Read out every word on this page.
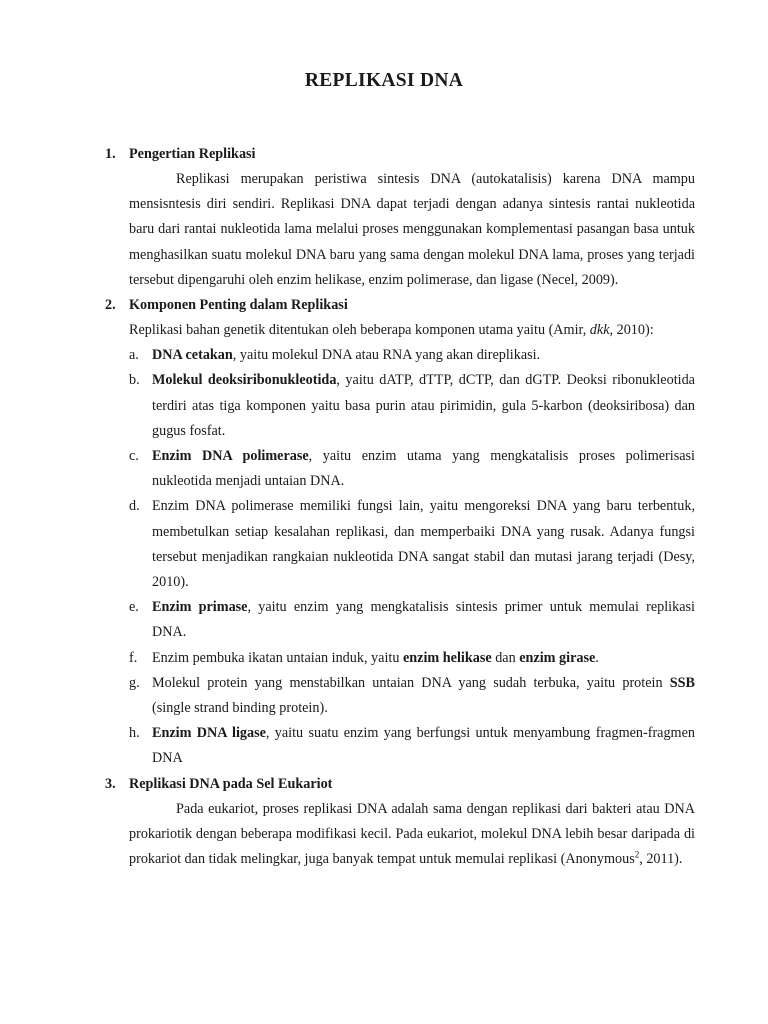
REPLIKASI DNA
1. Pengertian Replikasi

Replikasi merupakan peristiwa sintesis DNA (autokatalisis) karena DNA mampu mensisntesis diri sendiri. Replikasi DNA dapat terjadi dengan adanya sintesis rantai nukleotida baru dari rantai nukleotida lama melalui proses menggunakan komplementasi pasangan basa untuk menghasilkan suatu molekul DNA baru yang sama dengan molekul DNA lama, proses yang terjadi tersebut dipengaruhi oleh enzim helikase, enzim polimerase, dan ligase (Necel, 2009).

2. Komponen Penting dalam Replikasi

Replikasi bahan genetik ditentukan oleh beberapa komponen utama yaitu (Amir, dkk, 2010):

a. DNA cetakan, yaitu molekul DNA atau RNA yang akan direplikasi.
b. Molekul deoksiribonukleotida, yaitu dATP, dTTP, dCTP, dan dGTP. Deoksi ribonukleotida terdiri atas tiga komponen yaitu basa purin atau pirimidin, gula 5-karbon (deoksiribosa) dan gugus fosfat.
c. Enzim DNA polimerase, yaitu enzim utama yang mengkatalisis proses polimerisasi nukleotida menjadi untaian DNA.
d. Enzim DNA polimerase memiliki fungsi lain, yaitu mengoreksi DNA yang baru terbentuk, membetulkan setiap kesalahan replikasi, dan memperbaiki DNA yang rusak. Adanya fungsi tersebut menjadikan rangkaian nukleotida DNA sangat stabil dan mutasi jarang terjadi (Desy, 2010).
e. Enzim primase, yaitu enzim yang mengkatalisis sintesis primer untuk memulai replikasi DNA.
f.	Enzim pembuka ikatan untaian induk, yaitu enzim helikase dan enzim girase.
g. Molekul protein yang menstabilkan untaian DNA yang sudah terbuka, yaitu protein SSB (single strand binding protein).
h. Enzim DNA ligase, yaitu suatu enzim yang berfungsi untuk menyambung fragmen-fragmen DNA
3. Replikasi DNA pada Sel Eukariot

Pada eukariot, proses replikasi DNA adalah sama dengan replikasi dari bakteri atau DNA prokariotik dengan beberapa modifikasi kecil. Pada eukariot, molekul DNA lebih besar daripada di prokariot dan tidak melingkar, juga banyak tempat untuk memulai replikasi (Anonymous$^2$, 2011).
